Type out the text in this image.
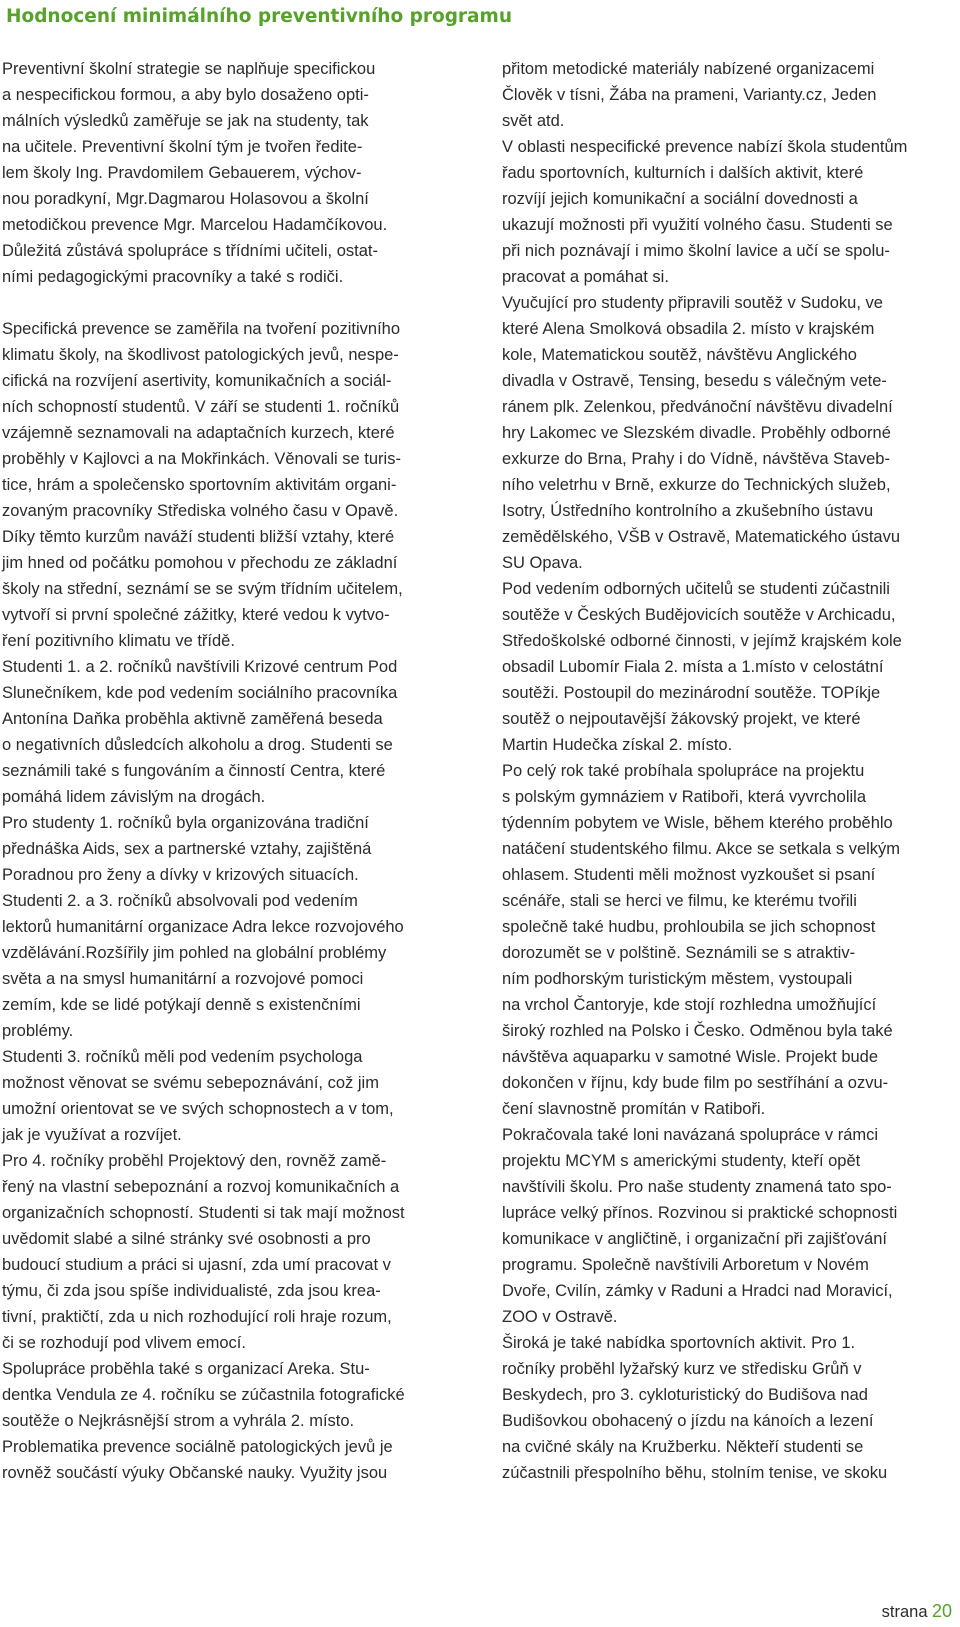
Hodnocení minimálního preventivního programu
Preventivní školní strategie se naplňuje specifickou
a nespecifickou formou, a aby bylo dosaženo opti-
málních výsledků zaměřuje se jak na studenty, tak
na učitele. Preventivní školní tým je tvořen ředite-
lem školy Ing. Pravdomilem Gebauerem, výchov-
nou poradkyní, Mgr.Dagmarou Holasovou a školní
metodičkou prevence Mgr. Marcelou Hadamčíkovou.
Důležitá zůstává spolupráce s třídními učiteli, ostat-
ními pedagogickými pracovníky a také s rodiči.
Specifická prevence se zaměřila na tvoření pozitivního
klimatu školy, na škodlivost patologických jevů, nespe-
cifická na rozvíjení asertivity, komunikačních a sociál-
ních schopností studentů. V září se studenti 1. ročníků
vzájemně seznamovali na adaptačních kurzech, které
proběhly v Kajlovci a na Mokřinkách. Věnovali se turis-
tice, hrám a společensko sportovním aktivitám organi-
zovaným pracovníky Střediska volného času v Opavě.
Díky těmto kurzům naváží studenti bližší vztahy, které
jim hned od počátku pomohou v přechodu ze základní
školy na střední, seznámí se se svým třídním učitelem,
vytvoří si první společné zážitky, které vedou k vytvo-
ření pozitivního klimatu ve třídě.
Studenti 1. a 2. ročníků navštívili Krizové centrum Pod
Slunečníkem, kde pod vedením sociálního pracovníka
Antonína Daňka proběhla aktivně zaměřená beseda
o negativních důsledcích alkoholu a drog. Studenti se
seznámili také s fungováním a činností Centra, které
pomáhá lidem závislým na drogách.
Pro studenty 1. ročníků byla organizována tradiční
přednáška Aids, sex a partnerské vztahy, zajištěná
Poradnou pro ženy a dívky v krizových situacích.
Studenti 2. a 3. ročníků absolvovali pod vedením
lektorů humanitární organizace Adra lekce rozvojového
vzdělávání.Rozšířily jim pohled na globální problémy
světa a na smysl humanitární a rozvojové pomoci
zemím, kde se lidé potýkají denně s existenčními
problémy.
Studenti 3. ročníků měli pod vedením psychologa
možnost věnovat se svému sebepoznávání, což jim
umožní orientovat se ve svých schopnostech a v tom,
jak je využívat a rozvíjet.
Pro 4. ročníky proběhl Projektový den, rovněž zamě-
řený na vlastní sebepoznání a rozvoj komunikačních a
organizačních schopností. Studenti si tak mají možnost
uvědomit slabé a silné stránky své osobnosti a pro
budoucí studium a práci si ujasní, zda umí pracovat v
týmu, či zda jsou spíše individualisté, zda jsou krea-
tivní, praktičtí, zda u nich rozhodující roli hraje rozum,
či se rozhodují pod vlivem emocí.
Spolupráce proběhla také s organizací Areka. Stu-
dentka Vendula ze 4. ročníku se zúčastnila fotografické
soutěže o Nejkrásnější strom a vyhrála 2. místo.
Problematika prevence sociálně patologických jevů je
rovněž součástí výuky Občanské nauky. Využity jsou
přitom metodické materiály nabízené organizacemi
Člověk v tísni, Žába na prameni, Varianty.cz, Jeden
svět atd.
V oblasti nespecifické prevence nabízí škola studentům
řadu sportovních, kulturních i dalších aktivit, které
rozvíjí jejich komunikační a sociální dovednosti a
ukazují možnosti při využití volného času. Studenti se
při nich poznávají i mimo školní lavice a učí se spolu-
pracovat a pomáhat si.
Vyučující pro studenty připravili soutěž v Sudoku, ve
které Alena Smolková obsadila 2. místo v krajském
kole, Matematickou soutěž, návštěvu Anglického
divadla v Ostravě, Tensing, besedu s válečným vete-
ránem plk. Zelenkou, předvánoční návštěvu divadelní
hry Lakomec ve Slezském divadle. Proběhly odborné
exkurze do Brna, Prahy i do Vídně, návštěva Staveb-
ního veletrhu v Brně, exkurze do Technických služeb,
Isotry, Ústředního kontrolního a zkušebního ústavu
zemědělského, VŠB v Ostravě, Matematického ústavu
SU Opava.
Pod vedením odborných učitelů se studenti zúčastnili
soutěže v Českých Budějovicích soutěže v Archicadu,
Středoškolské odborné činnosti, v jejímž krajském kole
obsadil Lubomír Fiala 2. místa a 1.místo v celostátní
soutěži. Postoupil do mezinárodní soutěže. TOPíkje
soutěž o nejpoutavější žákovský projekt, ve které
Martin Hudečka získal 2. místo.
Po celý rok také probíhala spolupráce na projektu
s polským gymnáziem v Ratiboři, která vyvrcholila
týdenním pobytem ve Wisle, během kterého proběhlo
natáčení studentského filmu. Akce se setkala s velkým
ohlasem. Studenti měli možnost vyzkoušet si psaní
scénáře, stali se herci ve filmu, ke kterému tvořili
společně také hudbu, prohloubila se jich schopnost
dorozumět se v polštině. Seznámili se s atraktiv-
ním podhorským turistickým městem, vystoupali
na vrchol Čantoryje, kde stojí rozhledna umožňující
široký rozhled na Polsko i Česko. Odměnou byla také
návštěva aquaparku v samotné Wisle. Projekt bude
dokončen v říjnu, kdy bude film po sestříhání a ozvu-
čení slavnostně promítán v Ratiboři.
Pokračovala také loni navázaná spolupráce v rámci
projektu MCYM s americkými studenty, kteří opět
navštívili školu. Pro naše studenty znamená tato spo-
lupráce velký přínos. Rozvinou si praktické schopnosti
komunikace v angličtině, i organizační při zajišťování
programu. Společně navštívili Arboretum v Novém
Dvoře, Cvilín, zámky v Raduni a Hradci nad Moravicí,
ZOO v Ostravě.
Široká je také nabídka sportovních aktivit. Pro 1.
ročníky proběhl lyžařský kurz ve středisku Grůň v
Beskydech, pro 3. cykloturistický do Budišova nad
Budišovkou obohacený o jízdu na kánoích a lezení
na cvičné skály na Kružberku. Někteří studenti se
zúčastnili přespolního běhu, stolním tenise, ve skoku
strana 20
